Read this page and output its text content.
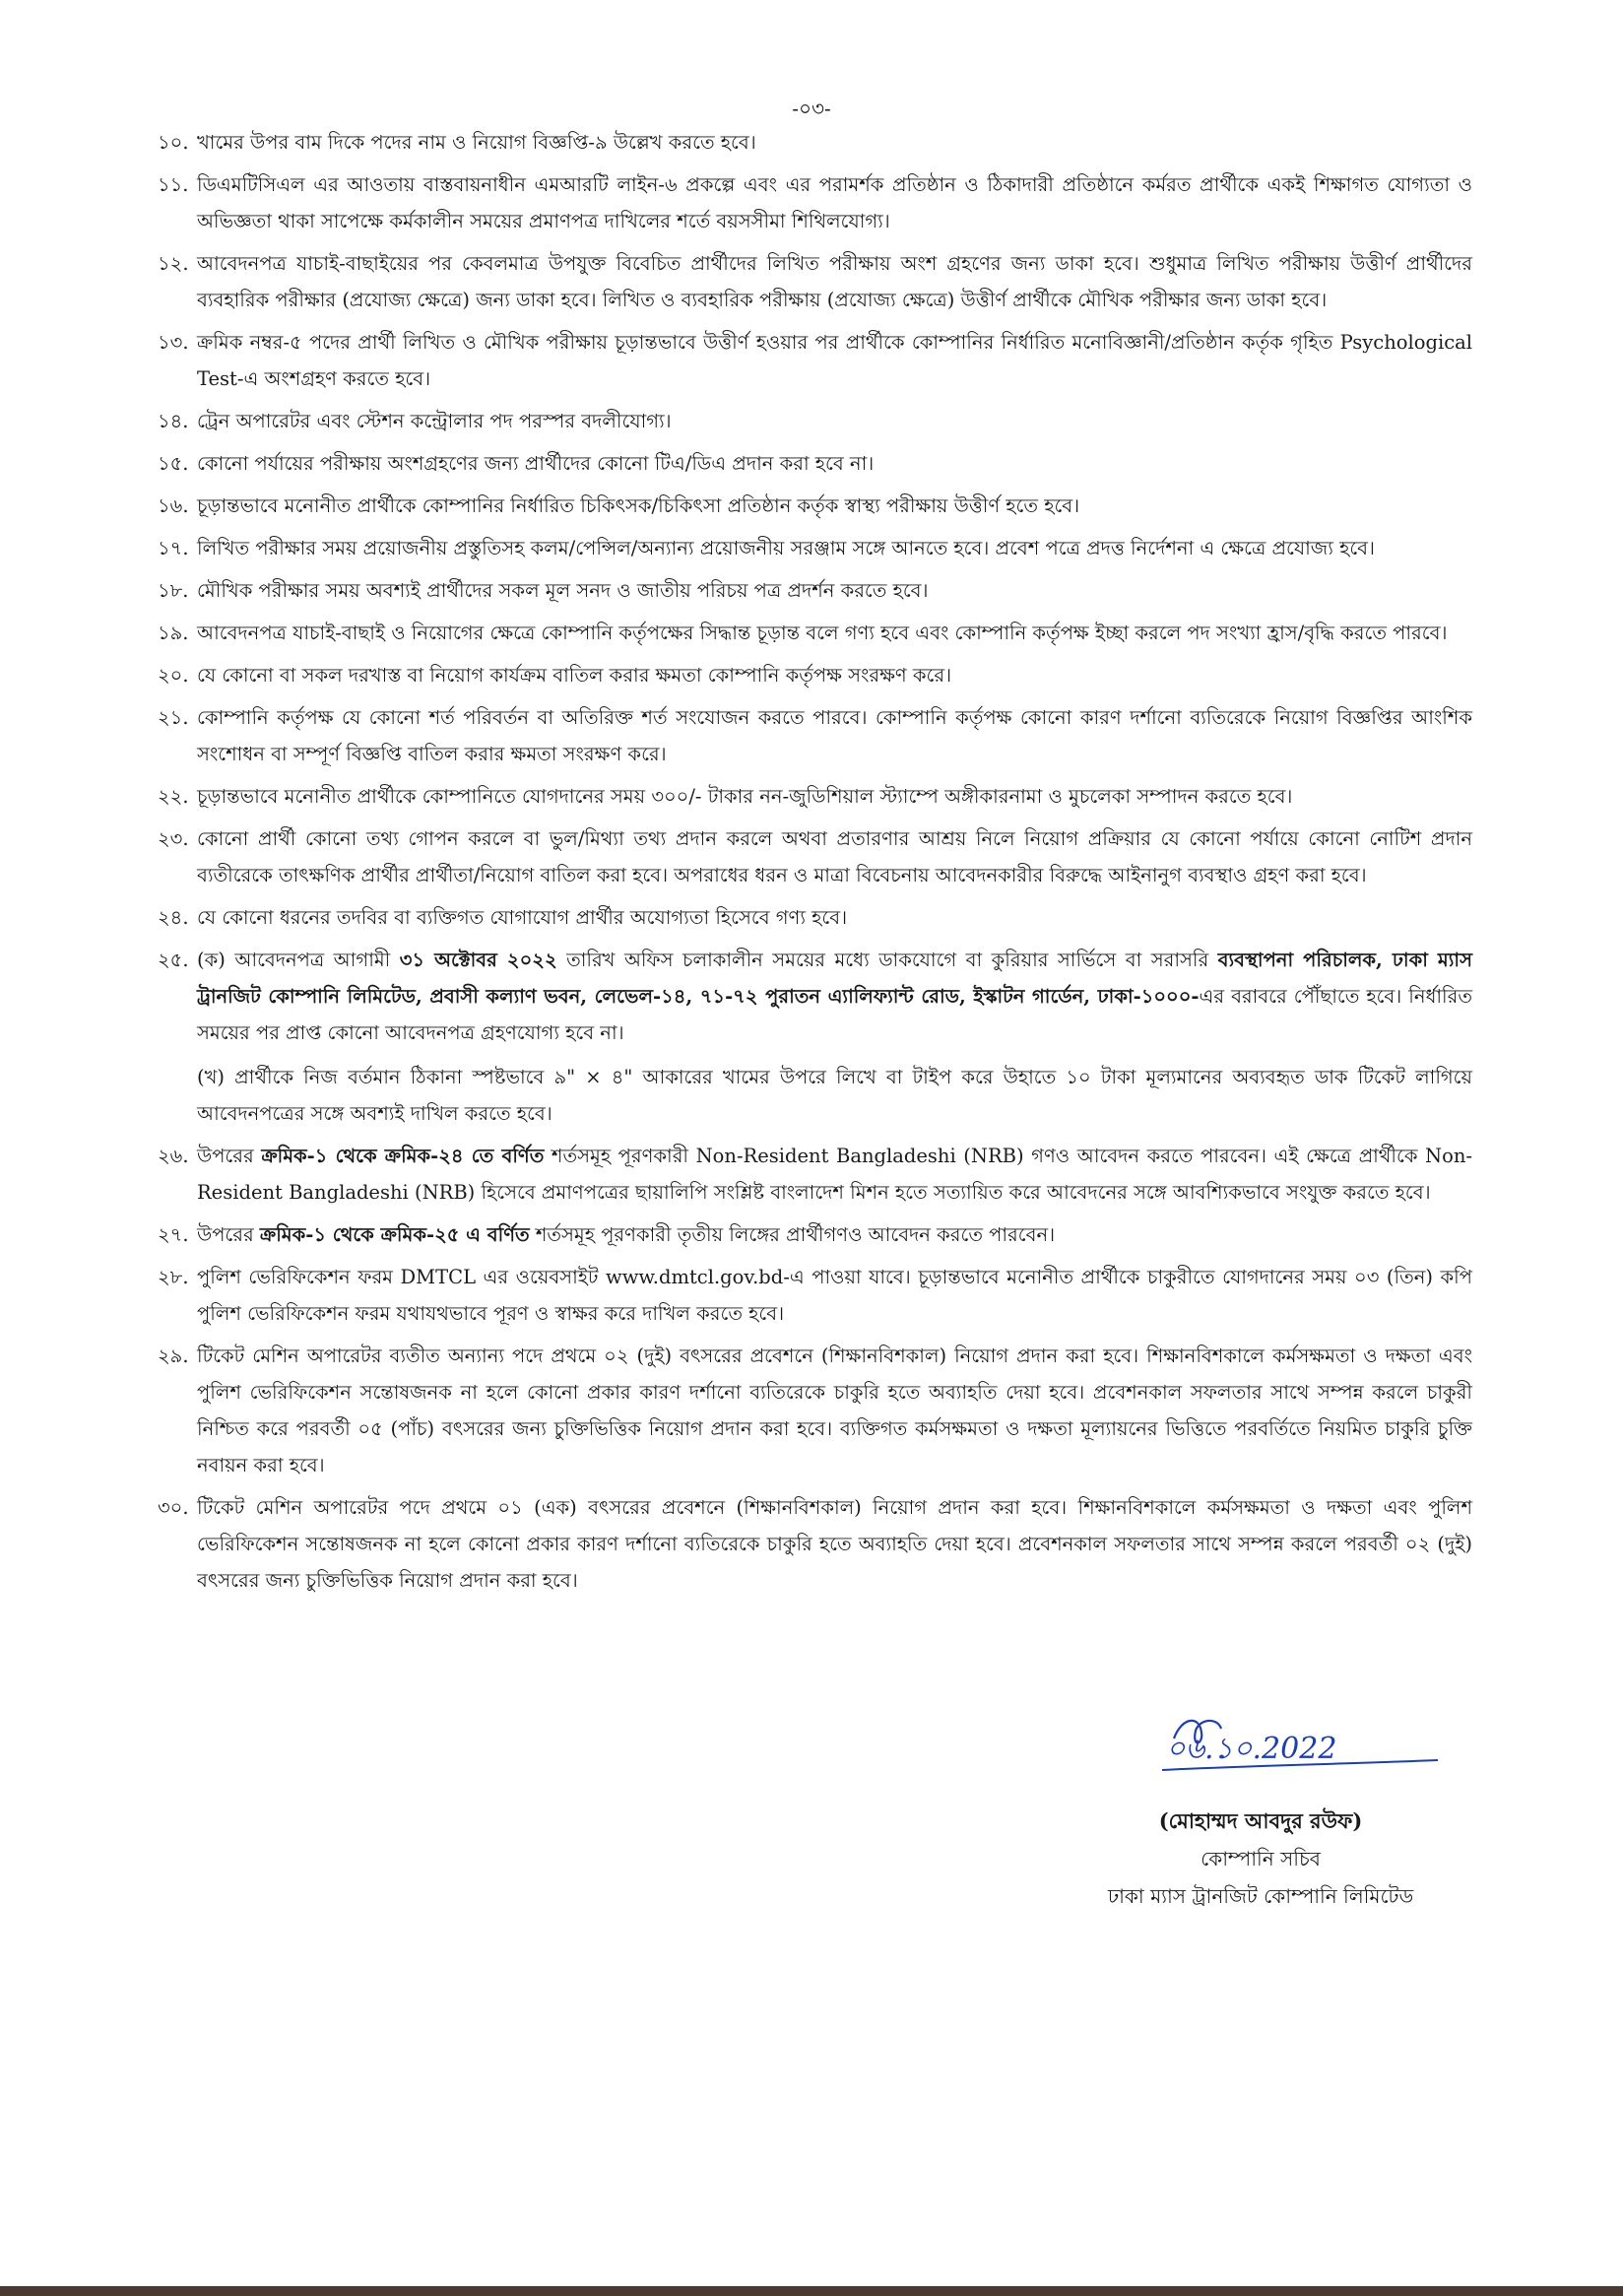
-০৩-
১০. খামের উপর বাম দিকে পদের নাম ও নিয়োগ বিজ্ঞপ্তি-৯ উল্লেখ করতে হবে।
১১. ডিএমটিসিএল এর আওতায় বাস্তবায়নাধীন এমআরটি লাইন-৬ প্রকল্পে এবং এর পরামর্শক প্রতিষ্ঠান ও ঠিকাদারী প্রতিষ্ঠানে কর্মরত প্রার্থীকে একই শিক্ষাগত যোগ্যতা ও অভিজ্ঞতা থাকা সাপেক্ষে কর্মকালীন সময়ের প্রমাণপত্র দাখিলের শর্তে বয়সসীমা শিথিলযোগ্য।
১২. আবেদনপত্র যাচাই-বাছাইয়ের পর কেবলমাত্র উপযুক্ত বিবেচিত প্রার্থীদের লিখিত পরীক্ষায় অংশ গ্রহণের জন্য ডাকা হবে। শুধুমাত্র লিখিত পরীক্ষায় উত্তীর্ণ প্রার্থীদের ব্যবহারিক পরীক্ষার (প্রযোজ্য ক্ষেত্রে) জন্য ডাকা হবে। লিখিত ও ব্যবহারিক পরীক্ষায় (প্রযোজ্য ক্ষেত্রে) উত্তীর্ণ প্রার্থীকে মৌখিক পরীক্ষার জন্য ডাকা হবে।
১৩. ক্রমিক নম্বর-৫ পদের প্রার্থী লিখিত ও মৌখিক পরীক্ষায় চূড়ান্তভাবে উত্তীর্ণ হওয়ার পর প্রার্থীকে কোম্পানির নির্ধারিত মনোবিজ্ঞানী/প্রতিষ্ঠান কর্তৃক গৃহিত Psychological Test-এ অংশগ্রহণ করতে হবে।
১৪. ট্রেন অপারেটর এবং স্টেশন কন্ট্রোলার পদ পরস্পর বদলীযোগ্য।
১৫. কোনো পর্যায়ের পরীক্ষায় অংশগ্রহণের জন্য প্রার্থীদের কোনো টিএ/ডিএ প্রদান করা হবে না।
১৬. চূড়ান্তভাবে মনোনীত প্রার্থীকে কোম্পানির নির্ধারিত চিকিৎসক/চিকিৎসা প্রতিষ্ঠান কর্তৃক স্বাস্থ্য পরীক্ষায় উত্তীর্ণ হতে হবে।
১৭. লিখিত পরীক্ষার সময় প্রয়োজনীয় প্রস্তুতিসহ কলম/পেন্সিল/অন্যান্য প্রয়োজনীয় সরঞ্জাম সঙ্গে আনতে হবে। প্রবেশ পত্রে প্রদত্ত নির্দেশনা এ ক্ষেত্রে প্রযোজ্য হবে।
১৮. মৌখিক পরীক্ষার সময় অবশ্যই প্রার্থীদের সকল মূল সনদ ও জাতীয় পরিচয় পত্র প্রদর্শন করতে হবে।
১৯. আবেদনপত্র যাচাই-বাছাই ও নিয়োগের ক্ষেত্রে কোম্পানি কর্তৃপক্ষের সিদ্ধান্ত চূড়ান্ত বলে গণ্য হবে এবং কোম্পানি কর্তৃপক্ষ ইচ্ছা করলে পদ সংখ্যা হ্রাস/বৃদ্ধি করতে পারবে।
২০. যে কোনো বা সকল দরখাস্ত বা নিয়োগ কার্যক্রম বাতিল করার ক্ষমতা কোম্পানি কর্তৃপক্ষ সংরক্ষণ করে।
২১. কোম্পানি কর্তৃপক্ষ যে কোনো শর্ত পরিবর্তন বা অতিরিক্ত শর্ত সংযোজন করতে পারবে। কোম্পানি কর্তৃপক্ষ কোনো কারণ দর্শানো ব্যতিরেকে নিয়োগ বিজ্ঞপ্তির আংশিক সংশোধন বা সম্পূর্ণ বিজ্ঞপ্তি বাতিল করার ক্ষমতা সংরক্ষণ করে।
২২. চূড়ান্তভাবে মনোনীত প্রার্থীকে কোম্পানিতে যোগদানের সময় ৩০০/- টাকার নন-জুডিশিয়াল স্ট্যাম্পে অঙ্গীকারনামা ও মুচলেকা সম্পাদন করতে হবে।
২৩. কোনো প্রার্থী কোনো তথ্য গোপন করলে বা ভুল/মিথ্যা তথ্য প্রদান করলে অথবা প্রতারণার আশ্রয় নিলে নিয়োগ প্রক্রিয়ার যে কোনো পর্যায়ে কোনো নোটিশ প্রদান ব্যতীরেকে তাৎক্ষণিক প্রার্থীর প্রার্থীতা/নিয়োগ বাতিল করা হবে। অপরাধের ধরন ও মাত্রা বিবেচনায় আবেদনকারীর বিরুদ্ধে আইনানুগ ব্যবস্থাও গ্রহণ করা হবে।
২৪. যে কোনো ধরনের তদবির বা ব্যক্তিগত যোগাযোগ প্রার্থীর অযোগ্যতা হিসেবে গণ্য হবে।
২৫. (ক) আবেদনপত্র আগামী ৩১ অক্টোবর ২০২২ তারিখ অফিস চলাকালীন সময়ের মধ্যে ডাকযোগে বা কুরিয়ার সার্ভিসে বা সরাসরি ব্যবস্থাপনা পরিচালক, ঢাকা ম্যাস ট্রানজিট কোম্পানি লিমিটেড, প্রবাসী কল্যাণ ভবন, লেভেল-১৪, ৭১-৭২ পুরাতন এ্যালিফ্যান্ট রোড, ইস্কাটন গার্ডেন, ঢাকা-১০০০-এর বরাবরে পৌঁছাতে হবে। নির্ধারিত সময়ের পর প্রাপ্ত কোনো আবেদনপত্র গ্রহণযোগ্য হবে না।
(খ) প্রার্থীকে নিজ বর্তমান ঠিকানা স্পষ্টভাবে ৯" × ৪" আকারের খামের উপরে লিখে বা টাইপ করে উহাতে ১০ টাকা মূল্যমানের অব্যবহৃত ডাক টিকেট লাগিয়ে আবেদনপত্রের সঙ্গে অবশ্যই দাখিল করতে হবে।
২৬. উপরের ক্রমিক-১ থেকে ক্রমিক-২৪ তে বর্ণিত শর্তসমূহ পূরণকারী Non-Resident Bangladeshi (NRB) গণও আবেদন করতে পারবেন। এই ক্ষেত্রে প্রার্থীকে Non-Resident Bangladeshi (NRB) হিসেবে প্রমাণপত্রের ছায়ালিপি সংশ্লিষ্ট বাংলাদেশ মিশন হতে সত্যায়িত করে আবেদনের সঙ্গে আবশ্যিকভাবে সংযুক্ত করতে হবে।
২৭. উপরের ক্রমিক-১ থেকে ক্রমিক-২৫ এ বর্ণিত শর্তসমূহ পূরণকারী তৃতীয় লিঙ্গের প্রার্থীগণও আবেদন করতে পারবেন।
২৮. পুলিশ ভেরিফিকেশন ফরম DMTCL এর ওয়েবসাইট www.dmtcl.gov.bd-এ পাওয়া যাবে। চূড়ান্তভাবে মনোনীত প্রার্থীকে চাকুরীতে যোগদানের সময় ০৩ (তিন) কপি পুলিশ ভেরিফিকেশন ফরম যথাযথভাবে পূরণ ও স্বাক্ষর করে দাখিল করতে হবে।
২৯. টিকেট মেশিন অপারেটর ব্যতীত অন্যান্য পদে প্রথমে ০২ (দুই) বৎসরের প্রবেশনে (শিক্ষানবিশকাল) নিয়োগ প্রদান করা হবে। শিক্ষানবিশকালে কর্মসক্ষমতা ও দক্ষতা এবং পুলিশ ভেরিফিকেশন সন্তোষজনক না হলে কোনো প্রকার কারণ দর্শানো ব্যতিরেকে চাকুরি হতে অব্যাহতি দেয়া হবে। প্রবেশনকাল সফলতার সাথে সম্পন্ন করলে চাকুরী নিশ্চিত করে পরবর্তী ০৫ (পাঁচ) বৎসরের জন্য চুক্তিভিত্তিক নিয়োগ প্রদান করা হবে। ব্যক্তিগত কর্মসক্ষমতা ও দক্ষতা মূল্যায়নের ভিত্তিতে পরবর্তিতে নিয়মিত চাকুরি চুক্তি নবায়ন করা হবে।
৩০. টিকেট মেশিন অপারেটর পদে প্রথমে ০১ (এক) বৎসরের প্রবেশনে (শিক্ষানবিশকাল) নিয়োগ প্রদান করা হবে। শিক্ষানবিশকালে কর্মসক্ষমতা ও দক্ষতা এবং পুলিশ ভেরিফিকেশন সন্তোষজনক না হলে কোনো প্রকার কারণ দর্শানো ব্যতিরেকে চাকুরি হতে অব্যাহতি দেয়া হবে। প্রবেশনকাল সফলতার সাথে সম্পন্ন করলে পরবর্তী ০২ (দুই) বৎসরের জন্য চুক্তিভিত্তিক নিয়োগ প্রদান করা হবে।
০৬.১০.2022
(মোহাম্মদ আবদুর রউফ)
কোম্পানি সচিব
ঢাকা ম্যাস ট্রানজিট কোম্পানি লিমিটেড
